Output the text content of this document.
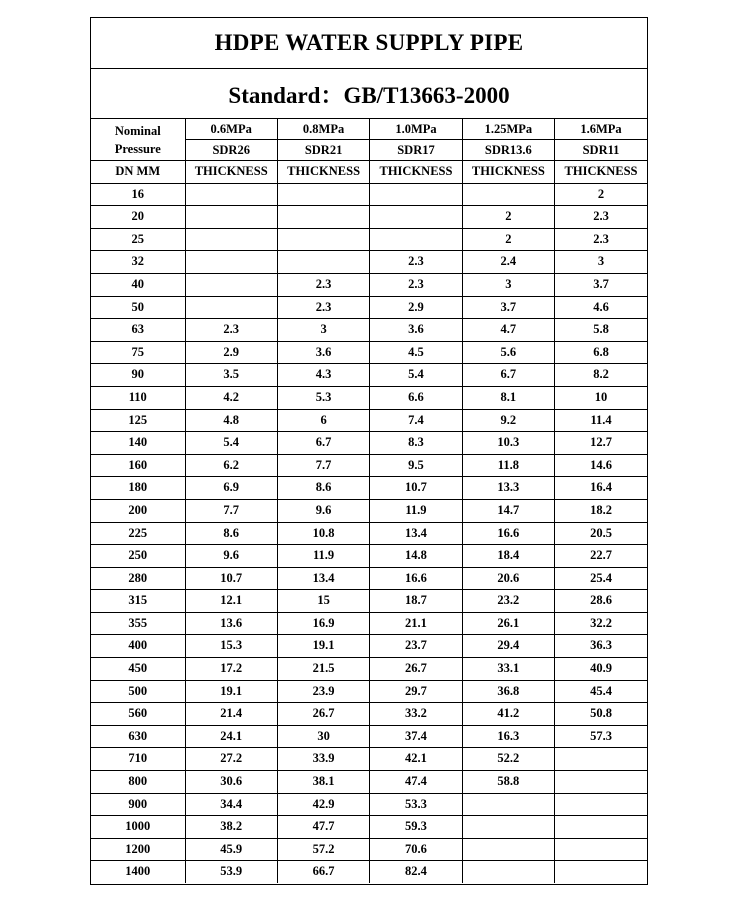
HDPE WATER SUPPLY PIPE
Standard：GB/T13663-2000
Nominal Pressure	0.6MPa	0.8MPa	1.0MPa	1.25MPa	1.6MPa
	SDR26	SDR21	SDR17	SDR13.6	SDR11
DN MM	THICKNESS	THICKNESS	THICKNESS	THICKNESS	THICKNESS
16					2
20				2	2.3
25				2	2.3
32			2.3	2.4	3
40		2.3	2.3	3	3.7
50		2.3	2.9	3.7	4.6
63	2.3	3	3.6	4.7	5.8
75	2.9	3.6	4.5	5.6	6.8
90	3.5	4.3	5.4	6.7	8.2
110	4.2	5.3	6.6	8.1	10
125	4.8	6	7.4	9.2	11.4
140	5.4	6.7	8.3	10.3	12.7
160	6.2	7.7	9.5	11.8	14.6
180	6.9	8.6	10.7	13.3	16.4
200	7.7	9.6	11.9	14.7	18.2
225	8.6	10.8	13.4	16.6	20.5
250	9.6	11.9	14.8	18.4	22.7
280	10.7	13.4	16.6	20.6	25.4
315	12.1	15	18.7	23.2	28.6
355	13.6	16.9	21.1	26.1	32.2
400	15.3	19.1	23.7	29.4	36.3
450	17.2	21.5	26.7	33.1	40.9
500	19.1	23.9	29.7	36.8	45.4
560	21.4	26.7	33.2	41.2	50.8
630	24.1	30	37.4	16.3	57.3
710	27.2	33.9	42.1	52.2	
800	30.6	38.1	47.4	58.8	
900	34.4	42.9	53.3		
1000	38.2	47.7	59.3		
1200	45.9	57.2	70.6		
1400	53.9	66.7	82.4		
